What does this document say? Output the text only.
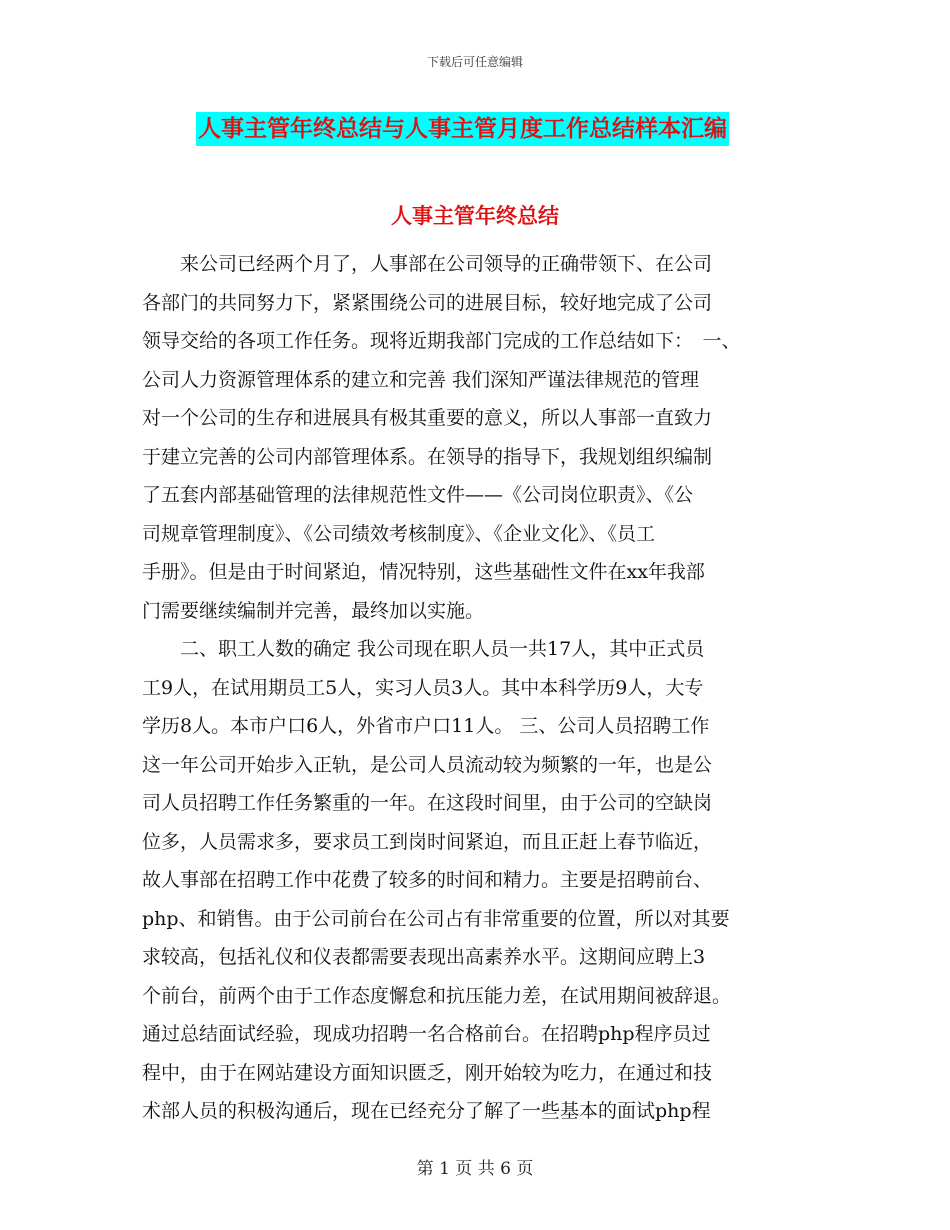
下载后可任意编辑
人事主管年终总结与人事主管月度工作总结样本汇编
人事主管年终总结
　　来公司已经两个月了，人事部在公司领导的正确带领下、在公司
各部门的共同努力下，紧紧围绕公司的进展目标，较好地完成了公司
领导交给的各项工作任务。现将近期我部门完成的工作总结如下：　一、
公司人力资源管理体系的建立和完善 我们深知严谨法律规范的管理
对一个公司的生存和进展具有极其重要的意义，所以人事部一直致力
于建立完善的公司内部管理体系。在领导的指导下，我规划组织编制
了五套内部基础管理的法律规范性文件——《公司岗位职责》、《公
司规章管理制度》、《公司绩效考核制度》、《企业文化》、《员工
手册》。但是由于时间紧迫，情况特别，这些基础性文件在xx年我部
门需要继续编制并完善，最终加以实施。
　　二、职工人数的确定 我公司现在职人员一共17人，其中正式员
工9人，在试用期员工5人，实习人员3人。其中本科学历9人，大专
学历8人。本市户口6人，外省市户口11人。 三、公司人员招聘工作
这一年公司开始步入正轨，是公司人员流动较为频繁的一年，也是公
司人员招聘工作任务繁重的一年。在这段时间里，由于公司的空缺岗
位多，人员需求多，要求员工到岗时间紧迫，而且正赶上春节临近，
故人事部在招聘工作中花费了较多的时间和精力。主要是招聘前台、
php、和销售。由于公司前台在公司占有非常重要的位置，所以对其要
求较高，包括礼仪和仪表都需要表现出高素养水平。这期间应聘上3
个前台，前两个由于工作态度懈怠和抗压能力差，在试用期间被辞退。
通过总结面试经验，现成功招聘一名合格前台。在招聘php程序员过
程中，由于在网站建设方面知识匮乏，刚开始较为吃力，在通过和技
术部人员的积极沟通后，现在已经充分了解了一些基本的面试php程
第 1 页 共 6 页
